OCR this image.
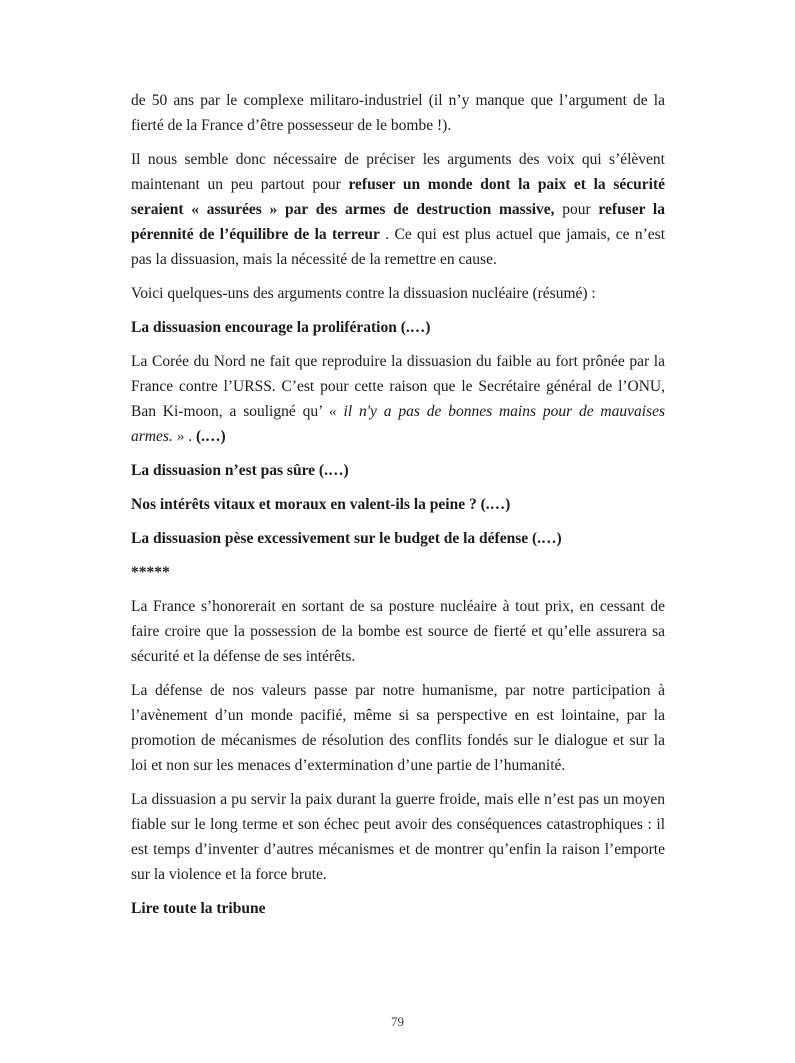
de 50 ans par le complexe militaro-industriel (il n’y manque que l’argument de la fierté de la France d’être possesseur de le bombe !).

Il nous semble donc nécessaire de préciser les arguments des voix qui s’élèvent maintenant un peu partout pour refuser un monde dont la paix et la sécurité seraient « assurées » par des armes de destruction massive, pour refuser la pérennité de l’équilibre de la terreur . Ce qui est plus actuel que jamais, ce n’est pas la dissuasion, mais la nécessité de la remettre en cause.

Voici quelques-uns des arguments contre la dissuasion nucléaire (résumé) :

La dissuasion encourage la prolifération (.…)

La Corée du Nord ne fait que reproduire la dissuasion du faible au fort prônée par la France contre l’URSS. C’est pour cette raison que le Secrétaire général de l’ONU, Ban Ki-moon, a souligné qu’ « il n'y a pas de bonnes mains pour de mauvaises armes. » . (.…)

La dissuasion n’est pas sûre (.…)

Nos intérêts vitaux et moraux en valent-ils la peine ? (.…)

La dissuasion pèse excessivement sur le budget de la défense (.…)

*****

La France s’honorerait en sortant de sa posture nucléaire à tout prix, en cessant de faire croire que la possession de la bombe est source de fierté et qu’elle assurera sa sécurité et la défense de ses intérêts.

La défense de nos valeurs passe par notre humanisme, par notre participation à l’avènement d’un monde pacifié, même si sa perspective en est lointaine, par la promotion de mécanismes de résolution des conflits fondés sur le dialogue et sur la loi et non sur les menaces d’extermination d’une partie de l’humanité.

La dissuasion a pu servir la paix durant la guerre froide, mais elle n’est pas un moyen fiable sur le long terme et son échec peut avoir des conséquences catastrophiques : il est temps d’inventer d’autres mécanismes et de montrer qu’enfin la raison l’emporte sur la violence et la force brute.

Lire toute la tribune

79
